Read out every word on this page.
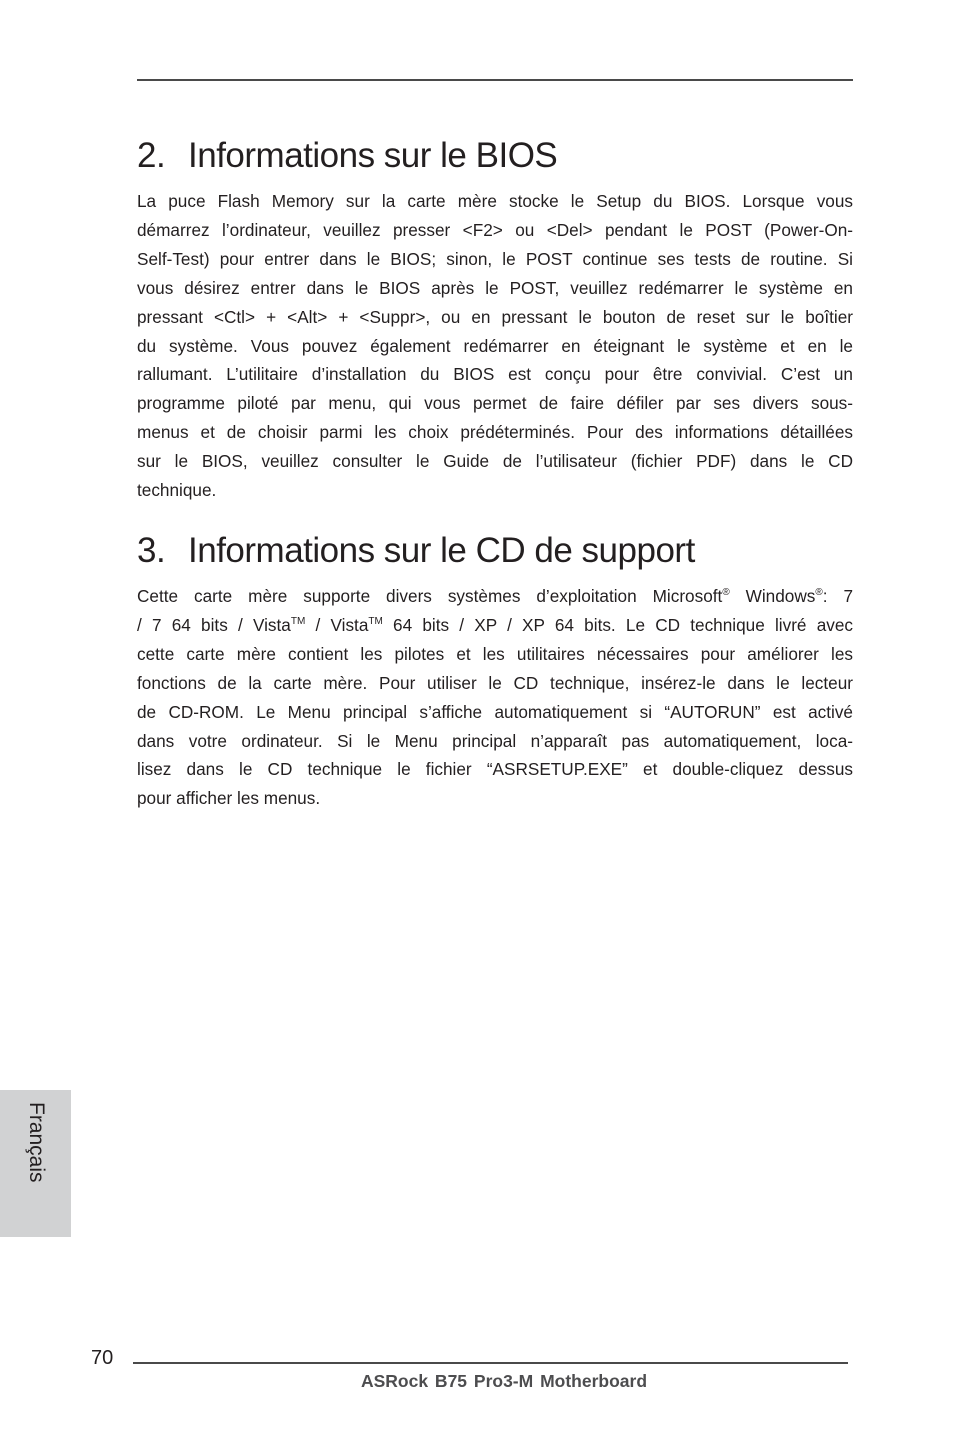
2. Informations sur le BIOS

La puce Flash Memory sur la carte mère stocke le Setup du BIOS. Lorsque vous
démarrez l’ordinateur, veuillez presser <F2> ou <Del> pendant le POST (Power-On-
Self-Test) pour entrer dans le BIOS; sinon, le POST continue ses tests de routine. Si
vous désirez entrer dans le BIOS après le POST, veuillez redémarrer le système en
pressant <Ctl> + <Alt> + <Suppr>, ou en pressant le bouton de reset sur le boîtier
du système. Vous pouvez également redémarrer en éteignant le système et en le
rallumant. L’utilitaire d’installation du BIOS est conçu pour être convivial. C’est un
programme piloté par menu, qui vous permet de faire défiler par ses divers sous-
menus et de choisir parmi les choix prédéterminés. Pour des informations détaillées
sur le BIOS, veuillez consulter le Guide de l’utilisateur (fichier PDF) dans le CD
technique.

3. Informations sur le CD de support

Cette carte mère supporte divers systèmes d’exploitation Microsoft® Windows®: 7
/ 7 64 bits / Vista™ / Vista™ 64 bits / XP / XP 64 bits. Le CD technique livré avec
cette carte mère contient les pilotes et les utilitaires nécessaires pour améliorer les
fonctions de la carte mère. Pour utiliser le CD technique, insérez-le dans le lecteur
de CD-ROM. Le Menu principal s’affiche automatiquement si “AUTORUN” est activé
dans votre ordinateur. Si le Menu principal n’apparaît pas automatiquement, loca-
lisez dans le CD technique le fichier “ASRSETUP.EXE” et double-cliquez dessus
pour afficher les menus.

Français
70
ASRock B75 Pro3-M Motherboard
